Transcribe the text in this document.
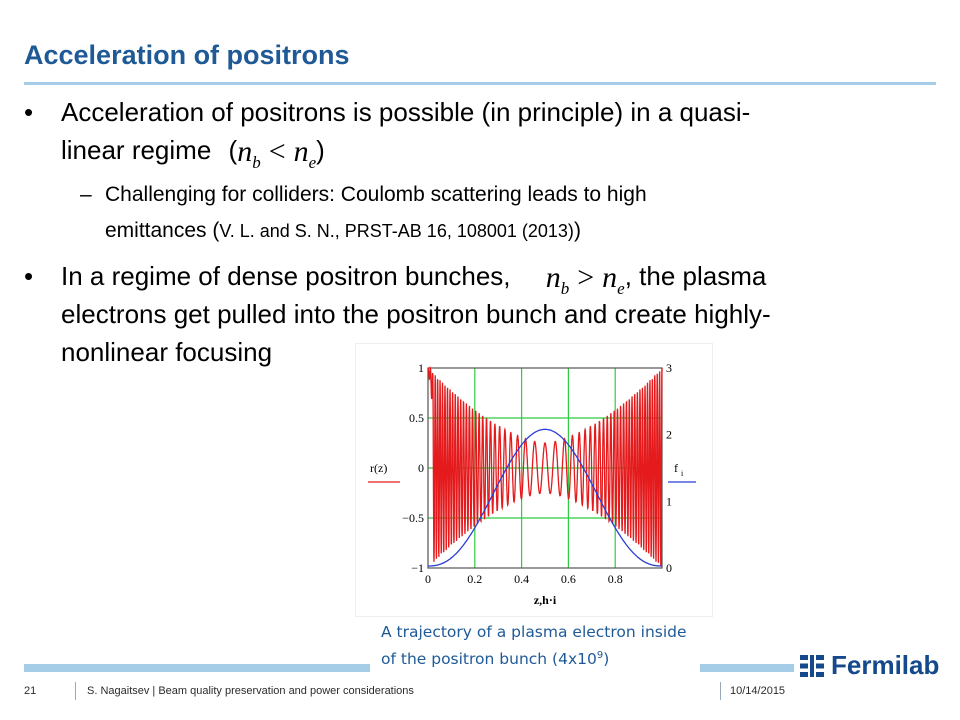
Acceleration of positrons
• Acceleration of positrons is possible (in principle) in a quasi-
linear regime $(n_b < n_e)$
– Challenging for colliders: Coulomb scattering leads to high
emittances (V. L. and S. N., PRST-AB 16, 108001 (2013))
• In a regime of dense positron bunches, $n_b > n_e$, the plasma
electrons get pulled into the positron bunch and create highly-
nonlinear focusing
0	0.2	0.4	0.6	0.8
1
0.5
0
−0.5
−1
3
2
1
0
z,h·i
r(z)	f i
A trajectory of a plasma electron inside of the positron bunch $(4x10^9)$
21	S. Nagaitsev | Beam quality preservation and power considerations	10/14/2015
Fermilab
